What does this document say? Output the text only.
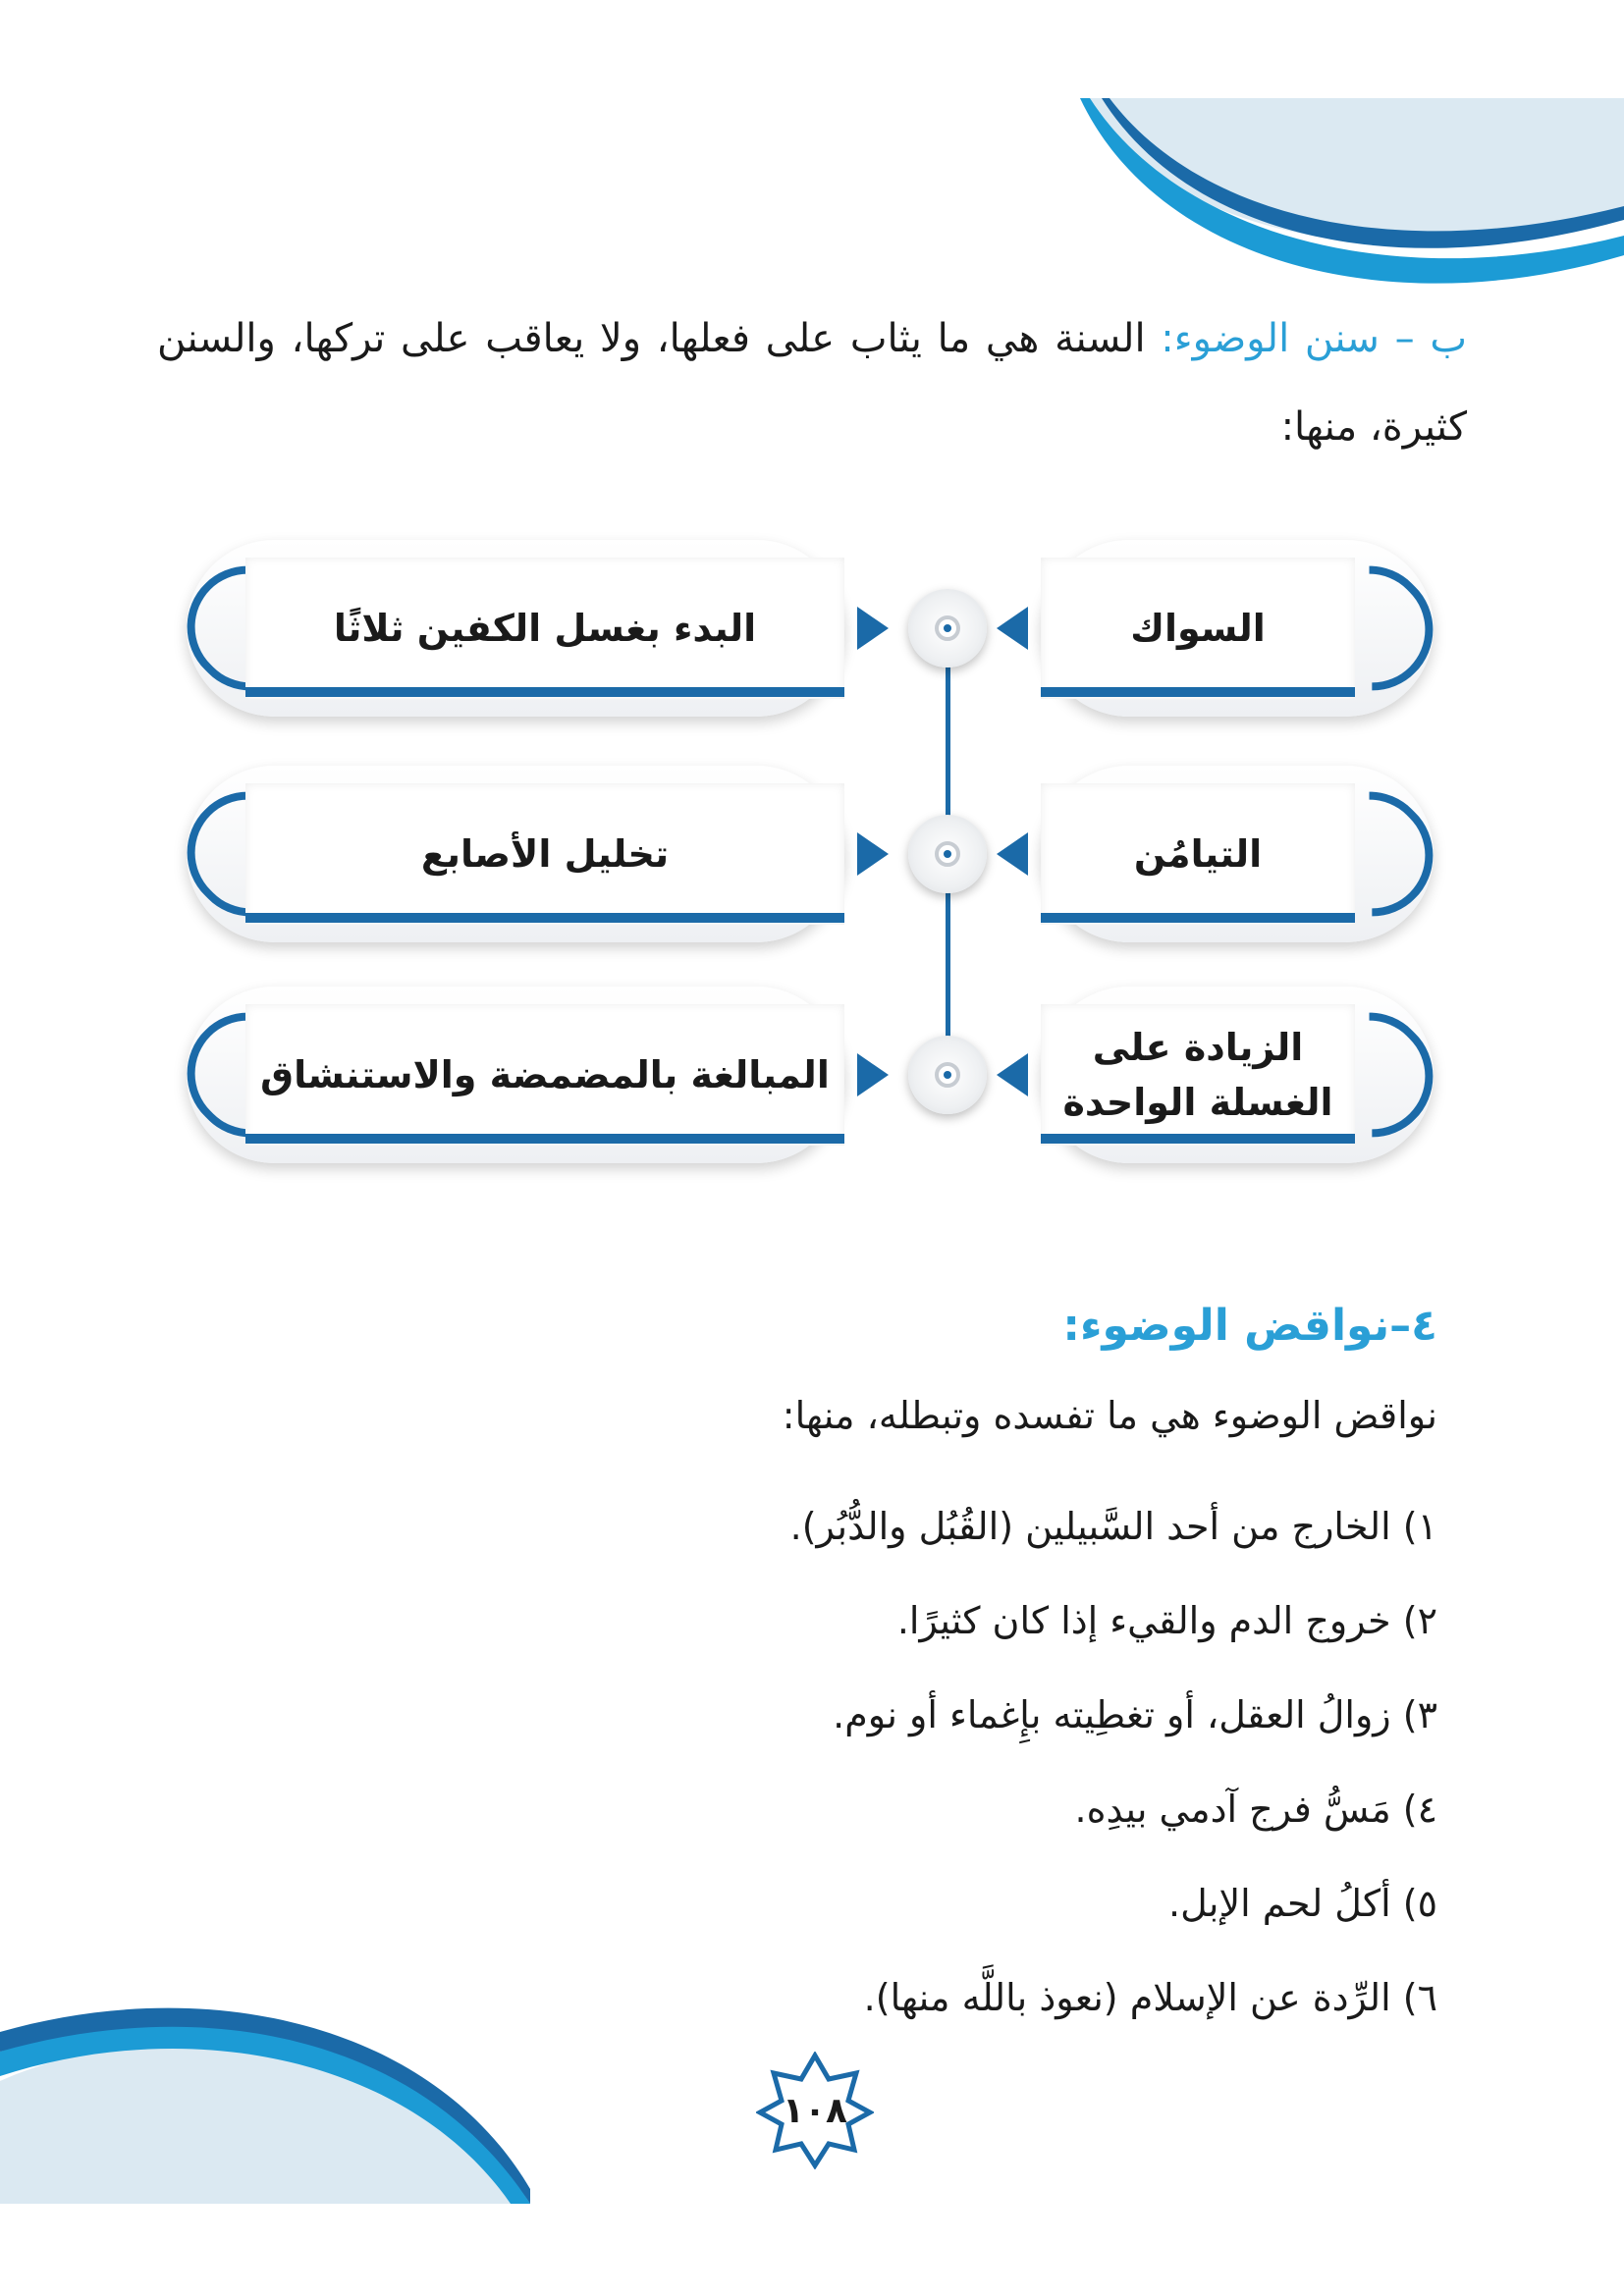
ب – سنن الوضوء: السنة هي ما يثاب على فعلها، ولا يعاقب على تركها، والسنن كثيرة، منها:
السواك
البدء بغسل الكفين ثلاثًا
التيامُن
تخليل الأصابع
الزيادة على الغسلة الواحدة
المبالغة بالمضمضة والاستنشاق
٤–نواقض الوضوء:
نواقض الوضوء هي ما تفسده وتبطله، منها:
١) الخارج من أحد السَّبيلين (القُبُل والدُّبُر).
٢) خروج الدم والقيء إذا كان كثيرًا.
٣) زوالُ العقل، أو تغطِيته بإِغماء أو نوم.
٤) مَسُّ فرج آدمي بيدِه.
٥) أكلُ لحم الإبل.
٦) الرِّدة عن الإسلام (نعوذ باللَّه منها).
١٠٨
